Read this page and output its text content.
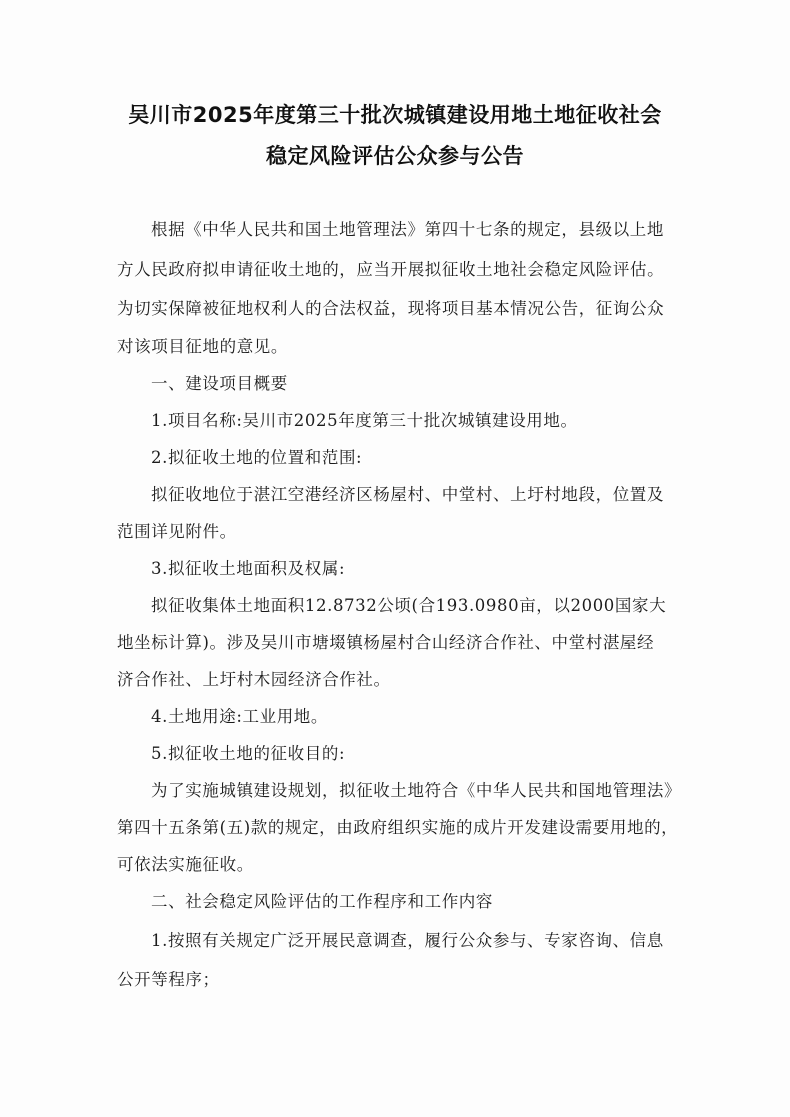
吴川市2025年度第三十批次城镇建设用地土地征收社会
稳定风险评估公众参与公告
根据《中华人民共和国土地管理法》第四十七条的规定，县级以上地
方人民政府拟申请征收土地的，应当开展拟征收土地社会稳定风险评估。
为切实保障被征地权利人的合法权益，现将项目基本情况公告，征询公众
对该项目征地的意见。
一、建设项目概要
1.项目名称:吴川市2025年度第三十批次城镇建设用地。
2.拟征收土地的位置和范围:
拟征收地位于湛江空港经济区杨屋村、中堂村、上圩村地段，位置及
范围详见附件。
3.拟征收土地面积及权属:
拟征收集体土地面积12.8732公顷(合193.0980亩，以2000国家大
地坐标计算)。涉及吴川市塘㙍镇杨屋村合山经济合作社、中堂村湛屋经
济合作社、上圩村木园经济合作社。
4.土地用途:工业用地。
5.拟征收土地的征收目的:
为了实施城镇建设规划，拟征收土地符合《中华人民共和国地管理法》
第四十五条第(五)款的规定，由政府组织实施的成片开发建设需要用地的，
可依法实施征收。
二、社会稳定风险评估的工作程序和工作内容
1.按照有关规定广泛开展民意调查，履行公众参与、专家咨询、信息
公开等程序；
